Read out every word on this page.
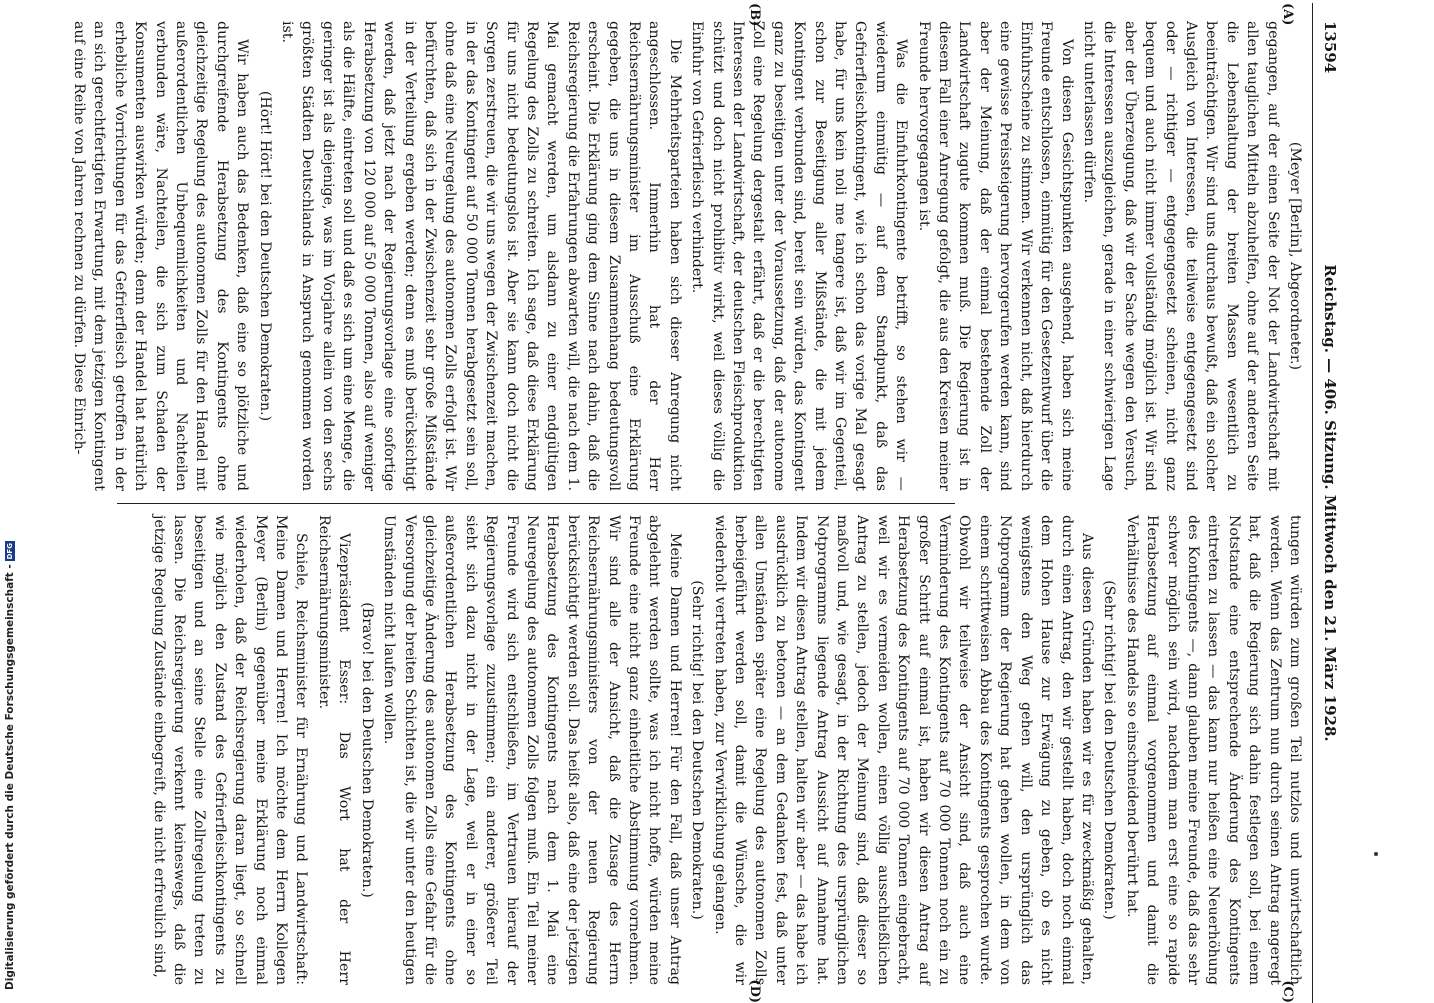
13594
Reichstag. — 406. Sitzung. Mittwoch den 21. März 1928.
(A)
(B)
(C)
(D)

(Meyer [Berlin], Abgeordneter.)

gegangen, auf der einen Seite der Not der Landwirtschaft mit allen tauglichen Mitteln abzuhelfen, ohne auf der anderen Seite die Lebenshaltung der breiten Massen wesentlich zu beeinträchtigen. Wir sind uns durchaus bewußt, daß ein solcher Ausgleich von Interessen, die teilweise entgegengesetzt sind oder — richtiger — entgegengesetzt scheinen, nicht ganz bequem und auch nicht immer vollständig möglich ist. Wir sind aber der Überzeugung, daß wir der Sache wegen den Versuch, die Interessen auszugleichen, gerade in einer schwierigen Lage nicht unterlassen dürfen.

Von diesen Gesichtspunkten ausgehend, haben sich meine Freunde entschlossen, einmütig für den Gesetzentwurf über die Einfuhrscheine zu stimmen. Wir verkennen nicht, daß hierdurch eine gewisse Preissteigerung hervorgerufen werden kann, sind aber der Meinung, daß der einmal bestehende Zoll der Landwirtschaft zugute kommen muß. Die Regierung ist in diesem Fall einer Anregung gefolgt, die aus den Kreisen meiner Freunde hervorgegangen ist.

Was die Einfuhrkontingente betrifft, so stehen wir — wiederum einmütig — auf dem Standpunkt, daß das Gefrierfleischkontingent, wie ich schon das vorige Mal gesagt habe, für uns kein noli me tangere ist, daß wir im Gegenteil, schon zur Beseitigung aller Mißstände, die mit jedem Kontingent verbunden sind, bereit sein würden, das Kontingent ganz zu beseitigen unter der Voraussetzung, daß der autonome Zoll eine Regelung dergestalt erfährt, daß er die berechtigten Interessen der Landwirtschaft, der deutschen Fleischproduktion schützt und doch nicht prohibitiv wirkt, weil dieses völlig die Einfuhr von Gefrierfleisch verhindert.

Die Mehrheitsparteien haben sich dieser Anregung nicht angeschlossen. Immerhin hat der Herr Reichsernährungsminister im Ausschuß eine Erklärung gegeben, die uns in diesem Zusammenhang bedeutungsvoll erscheint. Die Erklärung ging dem Sinne nach dahin, daß die Reichsregierung die Erfahrungen abwarten will, die nach dem 1. Mai gemacht werden, um alsdann zu einer endgültigen Regelung des Zolls zu schreiten. Ich sage, daß diese Erklärung für uns nicht bedeutungslos ist. Aber sie kann doch nicht die Sorgen zerstreuen, die wir uns wegen der Zwischenzeit machen, in der das Kontingent auf 50 000 Tonnen herabgesetzt sein soll, ohne daß eine Neuregelung des autonomen Zolls erfolgt ist. Wir befürchten, daß sich in der Zwischenzeit sehr große Mißstände in der Verteilung ergeben werden; denn es muß berücksichtigt werden, daß jetzt nach der Regierungsvorlage eine sofortige Herabsetzung von 120 000 auf 50 000 Tonnen, also auf weniger als die Hälfte, eintreten soll und daß es sich um eine Menge, die geringer ist als diejenige, was im Vorjahre allein von den sechs größten Städten Deutschlands in Anspruch genommen worden ist.

(Hört! Hört! bei den Deutschen Demokraten.)

Wir haben auch das Bedenken, daß eine so plötzliche und durchgreifende Herabsetzung des Kontingents ohne gleichzeitige Regelung des autonomen Zolls für den Handel mit außerordentlichen Unbequemlichkeiten und Nachteilen verbunden wäre, Nachteilen, die sich zum Schaden der Konsumenten auswirken würden; denn der Handel hat natürlich erhebliche Vorrichtungen für das Gefrierfleisch getroffen in der an sich gerechtfertigten Erwartung, mit dem jetzigen Kontingent auf eine Reihe von Jahren rechnen zu dürfen. Diese Einrich-

tungen würden zum großen Teil nutzlos und unwirtschaftlich werden. Wenn das Zentrum nun durch seinen Antrag angeregt hat, daß die Regierung sich dahin festlegen soll, bei einem Notstande eine entsprechende Änderung des Kontingents eintreten zu lassen — das kann nur heißen eine Neuerhöhung des Kontingents —, dann glauben meine Freunde, daß das sehr schwer möglich sein wird, nachdem man erst eine so rapide Herabsetzung auf einmal vorgenommen und damit die Verhältnisse des Handels so einschneidend berührt hat.

(Sehr richtig! bei den Deutschen Demokraten.)

Aus diesen Gründen haben wir es für zweckmäßig gehalten, durch einen Antrag, den wir gestellt haben, doch noch einmal dem Hohen Hause zur Erwägung zu geben, ob es nicht wenigstens den Weg gehen will, den ursprünglich das Notprogramm der Regierung hat gehen wollen, in dem von einem schrittweisen Abbau des Kontingents gesprochen wurde. Obwohl wir teilweise der Ansicht sind, daß auch eine Verminderung des Kontingents auf 70 000 Tonnen noch ein zu großer Schritt auf einmal ist, haben wir diesen Antrag auf Herabsetzung des Kontingents auf 70 000 Tonnen eingebracht, weil wir es vermeiden wollen, einen völlig ausschließlichen Antrag zu stellen, jedoch der Meinung sind, daß dieser so maßvoll und, wie gesagt, in der Richtung des ursprünglichen Notprogramms liegende Antrag Aussicht auf Annahme hat. Indem wir diesen Antrag stellen, halten wir aber — das habe ich ausdrücklich zu betonen — an dem Gedanken fest, daß unter allen Umständen später eine Regelung des autonomen Zolls herbeigeführt werden soll, damit die Wünsche, die wir wiederholt vertreten haben, zur Verwirklichung gelangen.

(Sehr richtig! bei den Deutschen Demokraten.)

Meine Damen und Herren! Für den Fall, daß unser Antrag abgelehnt werden sollte, was ich nicht hoffe, würden meine Freunde eine nicht ganz einheitliche Abstimmung vornehmen. Wir sind alle der Ansicht, daß die Zusage des Herrn Reichsernährungsministers von der neuen Regierung berücksichtigt werden soll. Das heißt also, daß eine der jetzigen Herabsetzung des Kontingents nach dem 1. Mai eine Neuregelung des autonomen Zolls folgen muß. Ein Teil meiner Freunde wird sich entschließen, im Vertrauen hierauf der Regierungsvorlage zuzustimmen; ein anderer, größerer Teil sieht sich dazu nicht in der Lage, weil er in einer so außerordentlichen Herabsetzung des Kontingents ohne gleichzeitige Änderung des autonomen Zolls eine Gefahr für die Versorgung der breiten Schichten ist, die wir unter den heutigen Umständen nicht laufen wollen.

(Bravo! bei den Deutschen Demokraten.)

Vizepräsident Esser: Das Wort hat der Herr Reichsernährungsminister.

Schiele, Reichsminister für Ernährung und Landwirtschaft: Meine Damen und Herren! Ich möchte dem Herrn Kollegen Meyer (Berlin) gegenüber meine Erklärung noch einmal wiederholen, daß der Reichsregierung daran liegt, so schnell wie möglich den Zustand des Gefrierfleischkontingents zu beseitigen und an seine Stelle eine Zollregelung treten zu lassen. Die Reichsregierung verkennt keineswegs, daß die jetzige Regelung Zustände einbegreift, die nicht erfreulich sind,

Digitalisierung gefördert durch die Deutsche Forschungsgemeinschaft -DFG
